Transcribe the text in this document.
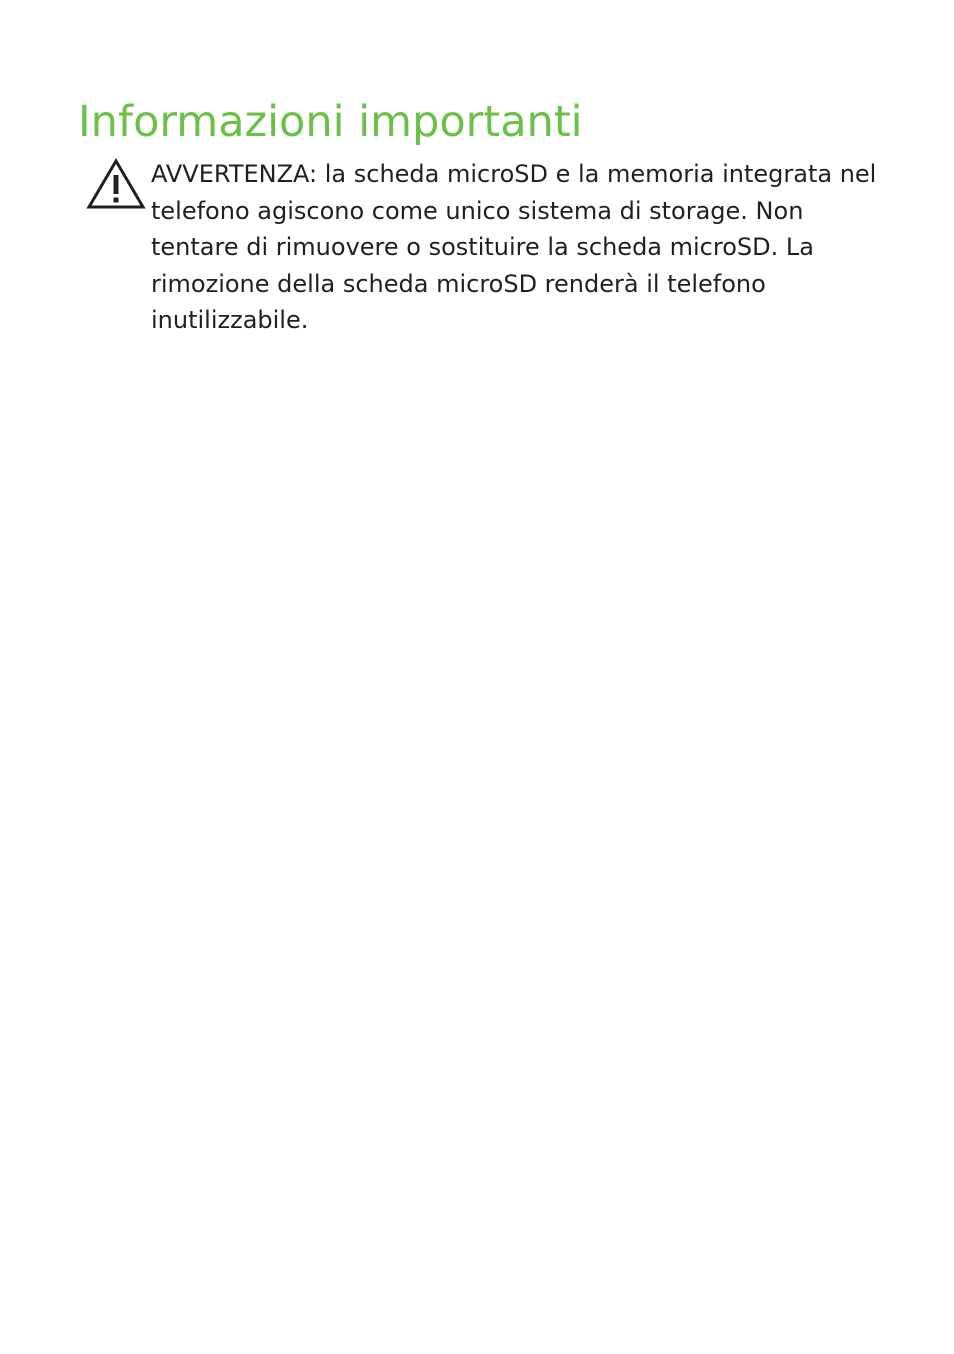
Informazioni importanti

AVVERTENZA: la scheda microSD e la memoria integrata nel telefono agiscono come unico sistema di storage. Non tentare di rimuovere o sostituire la scheda microSD. La rimozione della scheda microSD renderà il telefono inutilizzabile.
